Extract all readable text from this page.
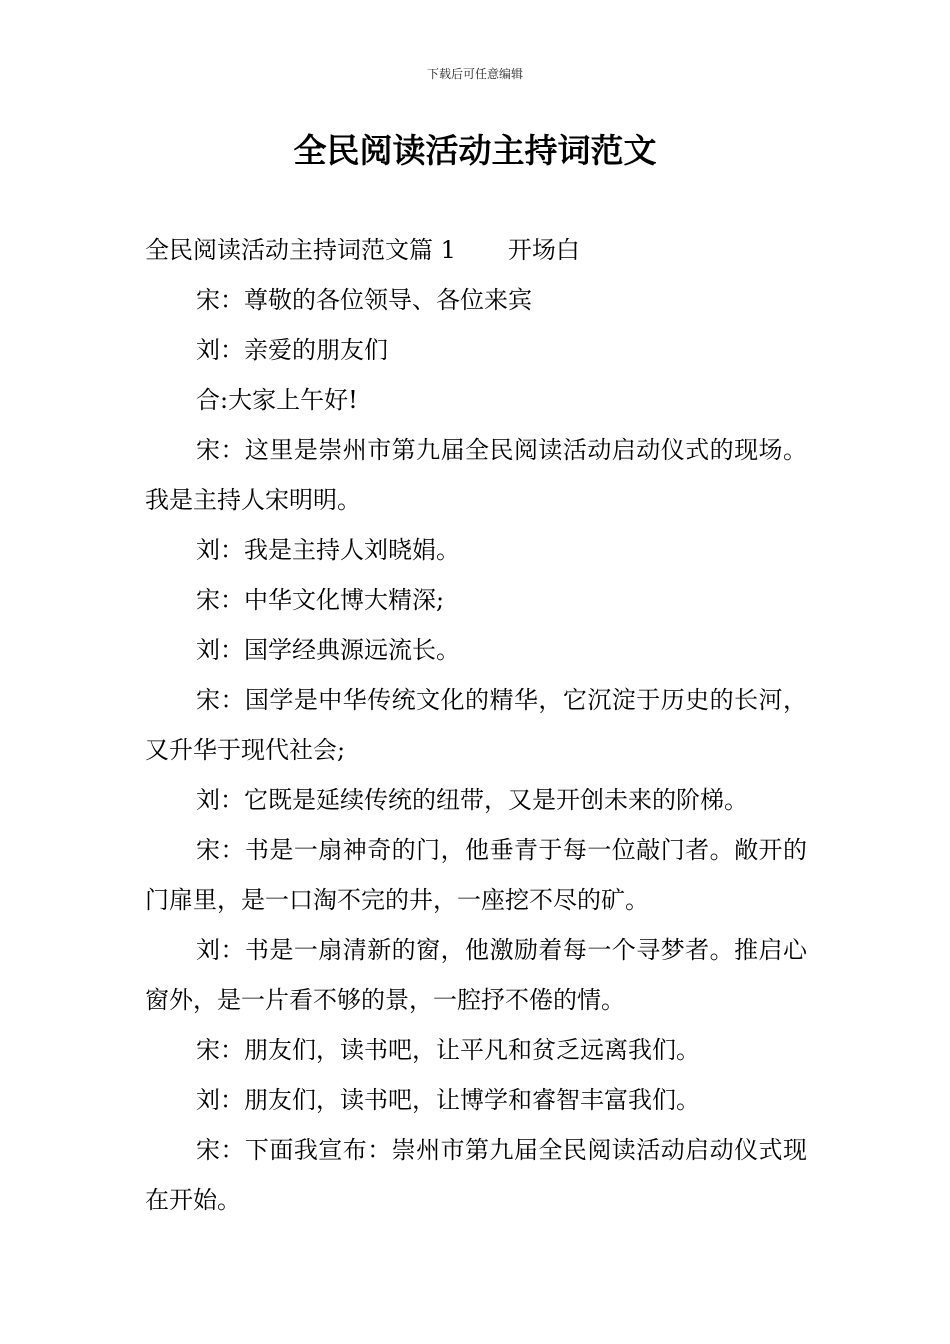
下载后可任意编辑
全民阅读活动主持词范文

全民阅读活动主持词范文篇 1 开场白

宋：尊敬的各位领导、各位来宾

刘：亲爱的朋友们

合:大家上午好!

宋：这里是崇州市第九届全民阅读活动启动仪式的现场。我是主持人宋明明。

刘：我是主持人刘晓娟。

宋：中华文化博大精深;

刘：国学经典源远流长。

宋：国学是中华传统文化的精华，它沉淀于历史的长河，又升华于现代社会;

刘：它既是延续传统的纽带，又是开创未来的阶梯。

宋：书是一扇神奇的门，他垂青于每一位敲门者。敞开的门扉里，是一口淘不完的井，一座挖不尽的矿。

刘：书是一扇清新的窗，他激励着每一个寻梦者。推启心窗外，是一片看不够的景，一腔抒不倦的情。

宋：朋友们，读书吧，让平凡和贫乏远离我们。

刘：朋友们，读书吧，让博学和睿智丰富我们。

宋：下面我宣布：崇州市第九届全民阅读活动启动仪式现在开始。
